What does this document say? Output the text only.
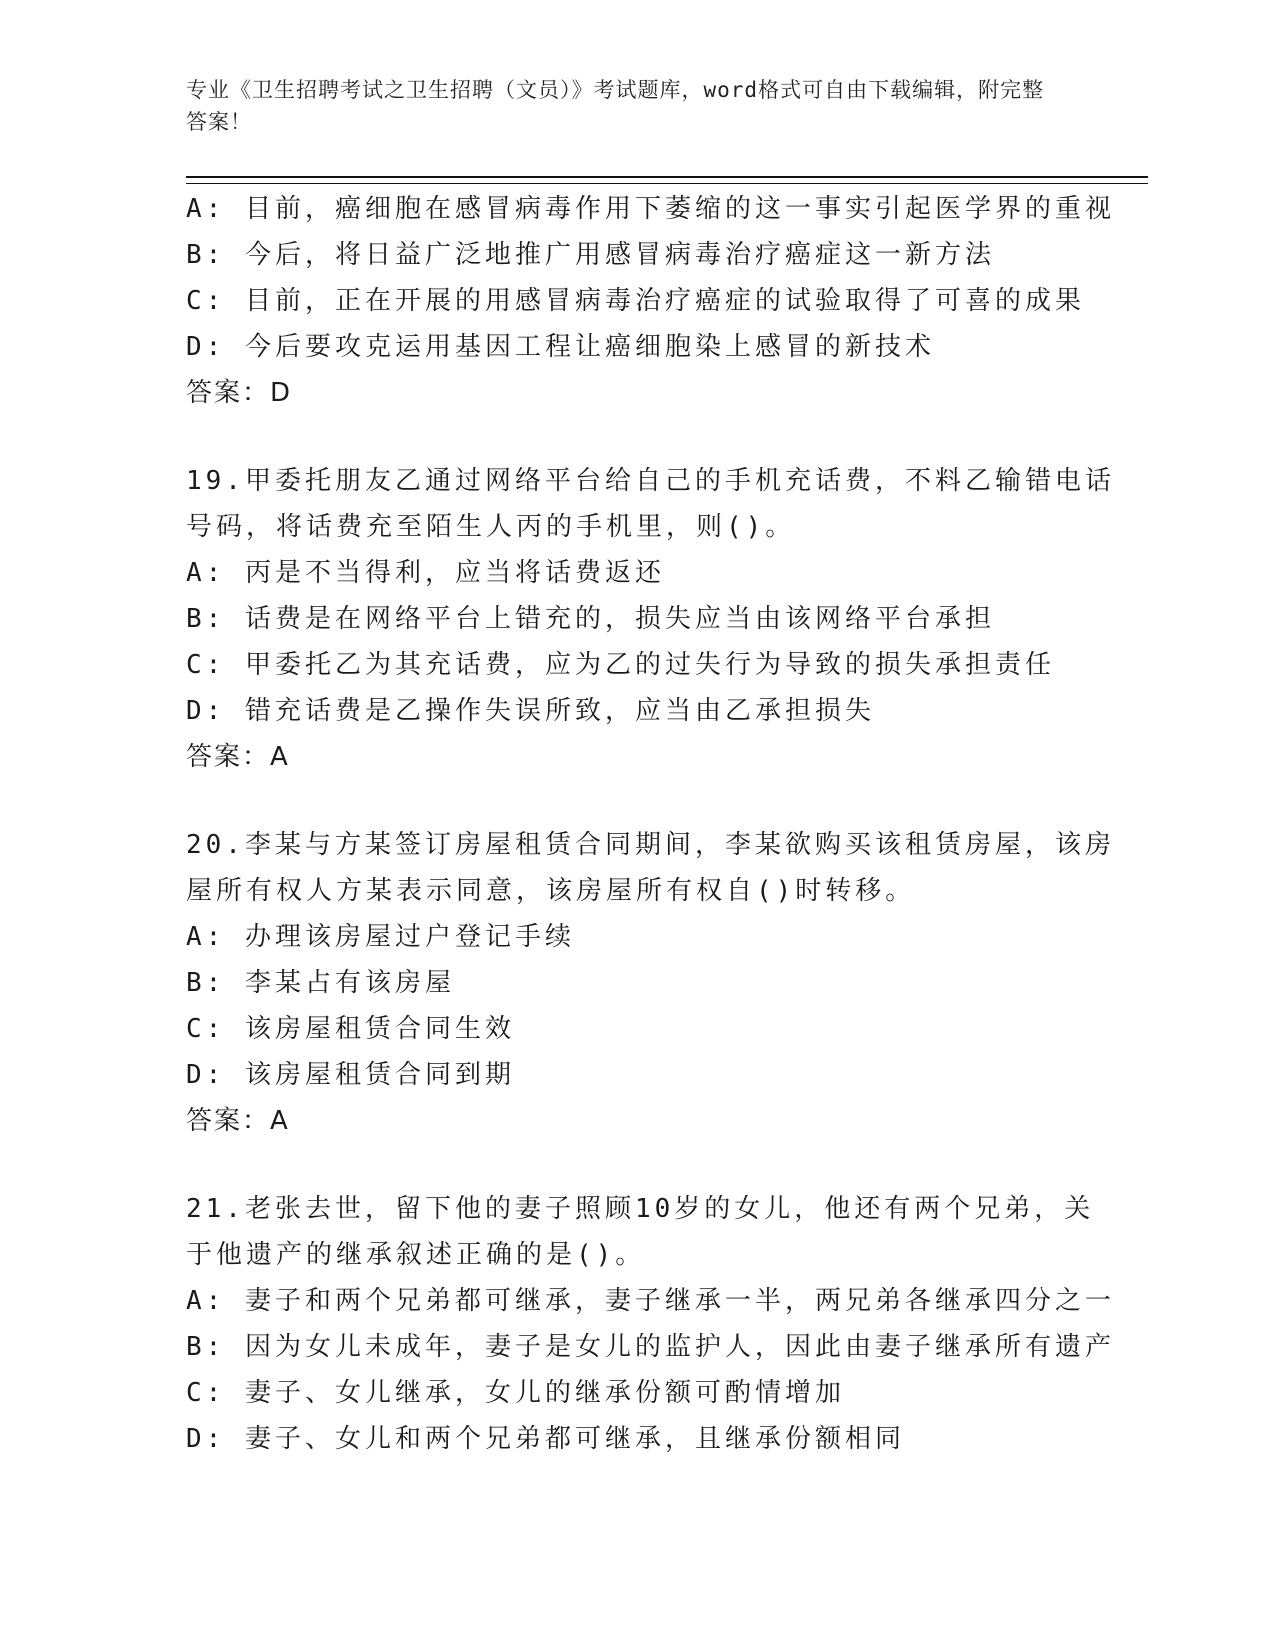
专业《卫生招聘考试之卫生招聘（文员）》考试题库，word格式可自由下载编辑，附完整答案！
A: 目前，癌细胞在感冒病毒作用下萎缩的这一事实引起医学界的重视
B: 今后，将日益广泛地推广用感冒病毒治疗癌症这一新方法
C: 目前，正在开展的用感冒病毒治疗癌症的试验取得了可喜的成果
D: 今后要攻克运用基因工程让癌细胞染上感冒的新技术
答案：D
19.甲委托朋友乙通过网络平台给自己的手机充话费，不料乙输错电话
号码，将话费充至陌生人丙的手机里，则()。
A: 丙是不当得利，应当将话费返还
B: 话费是在网络平台上错充的，损失应当由该网络平台承担
C: 甲委托乙为其充话费，应为乙的过失行为导致的损失承担责任
D: 错充话费是乙操作失误所致，应当由乙承担损失
答案：A
20.李某与方某签订房屋租赁合同期间，李某欲购买该租赁房屋，该房
屋所有权人方某表示同意，该房屋所有权自()时转移。
A: 办理该房屋过户登记手续
B: 李某占有该房屋
C: 该房屋租赁合同生效
D: 该房屋租赁合同到期
答案：A
21.老张去世，留下他的妻子照顾10岁的女儿，他还有两个兄弟，关
于他遗产的继承叙述正确的是()。
A: 妻子和两个兄弟都可继承，妻子继承一半，两兄弟各继承四分之一
B: 因为女儿未成年，妻子是女儿的监护人，因此由妻子继承所有遗产
C: 妻子、女儿继承，女儿的继承份额可酌情增加
D: 妻子、女儿和两个兄弟都可继承，且继承份额相同
